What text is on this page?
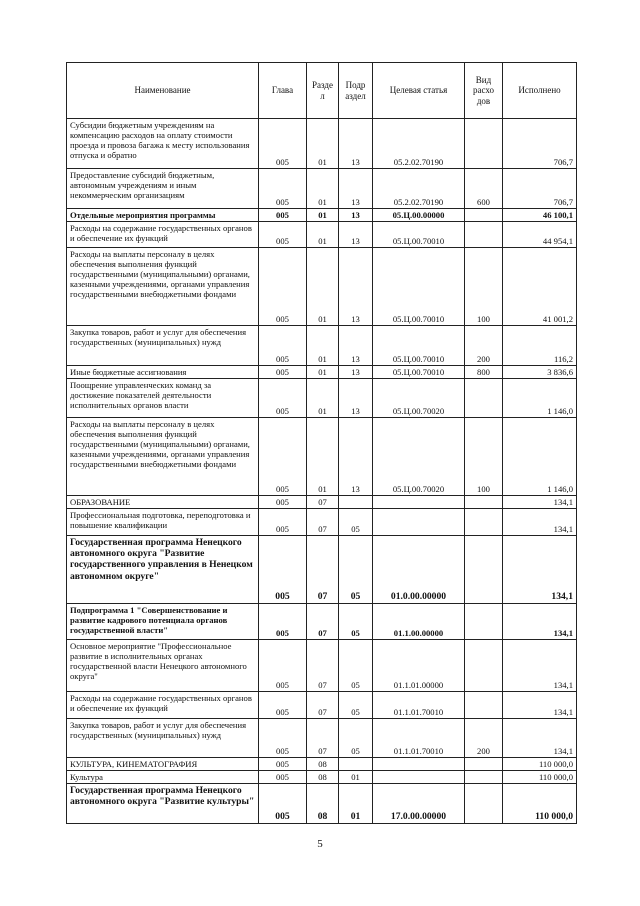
Наименование	Глава	Разде л	Подр аздел	Целевая статья	Вид расхо дов	Исполнено
Субсидии бюджетным учреждениям на компенсацию расходов на оплату стоимости проезда и провоза багажа к месту использования отпуска и обратно	005	01	13	05.2.02.70190		706,7
Предоставление субсидий бюджетным, автономным учреждениям и иным некоммерческим организациям	005	01	13	05.2.02.70190	600	706,7
Отдельные мероприятия программы	005	01	13	05.Ц.00.00000		46 100,1
Расходы на содержание государственных органов и обеспечение их функций	005	01	13	05.Ц.00.70010		44 954,1
Расходы на выплаты персоналу в целях обеспечения выполнения функций государственными (муниципальными) органами, казенными учреждениями, органами управления государственными внебюджетными фондами	005	01	13	05.Ц.00.70010	100	41 001,2
Закупка товаров, работ и услуг для обеспечения государственных (муниципальных) нужд	005	01	13	05.Ц.00.70010	200	116,2
Иные бюджетные ассигнования	005	01	13	05.Ц.00.70010	800	3 836,6
Поощрение управленческих команд за достижение показателей деятельности исполнительных органов власти	005	01	13	05.Ц.00.70020		1 146,0
Расходы на выплаты персоналу в целях обеспечения выполнения функций государственными (муниципальными) органами, казенными учреждениями, органами управления государственными внебюджетными фондами	005	01	13	05.Ц.00.70020	100	1 146,0
ОБРАЗОВАНИЕ	005	07				134,1
Профессиональная подготовка, переподготовка и повышение квалификации	005	07	05			134,1
Государственная программа Ненецкого автономного округа "Развитие государственного управления в Ненецком автономном округе"	005	07	05	01.0.00.00000		134,1
Подпрограмма 1 "Совершенствование и развитие кадрового потенциала органов государственной власти"	005	07	05	01.1.00.00000		134,1
Основное мероприятие "Профессиональное развитие в исполнительных органах государственной власти Ненецкого автономного округа"	005	07	05	01.1.01.00000		134,1
Расходы на содержание государственных органов и обеспечение их функций	005	07	05	01.1.01.70010		134,1
Закупка товаров, работ и услуг для обеспечения государственных (муниципальных) нужд	005	07	05	01.1.01.70010	200	134,1
КУЛЬТУРА, КИНЕМАТОГРАФИЯ	005	08				110 000,0
Культура	005	08	01			110 000,0
Государственная программа Ненецкого автономного округа "Развитие культуры"	005	08	01	17.0.00.00000		110 000,0
5
